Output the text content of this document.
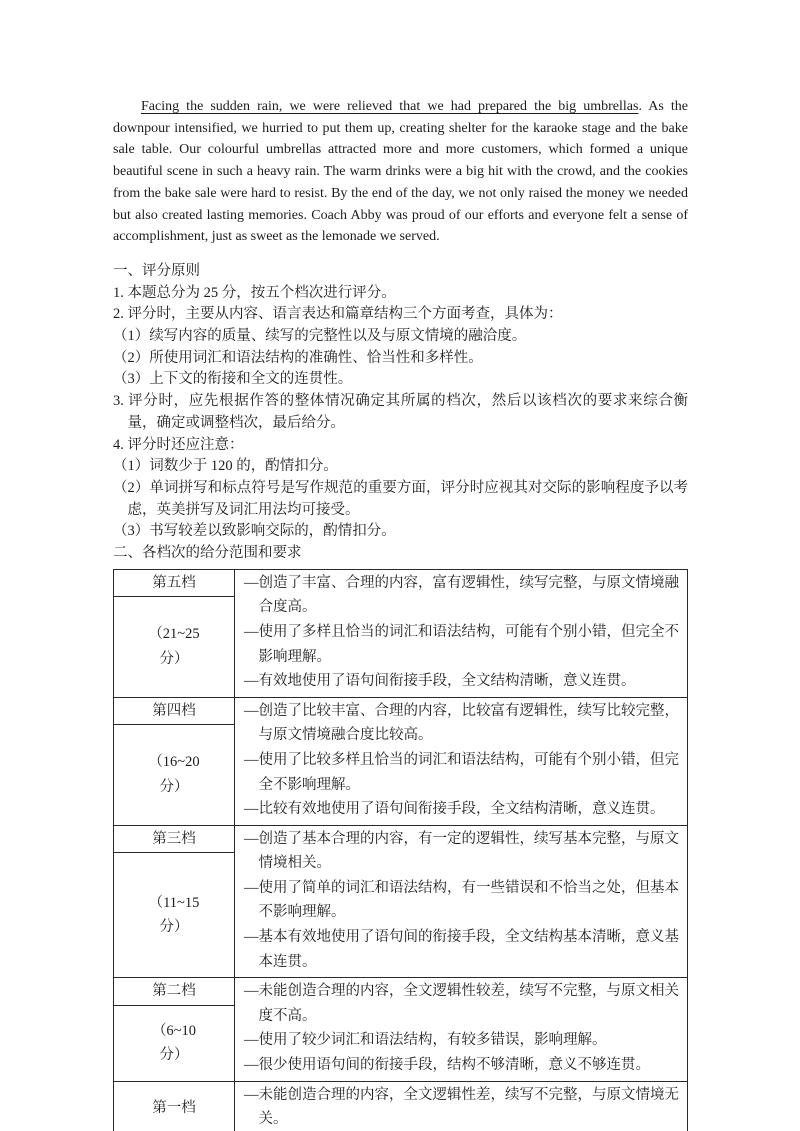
Facing the sudden rain, we were relieved that we had prepared the big umbrellas. As the downpour intensified, we hurried to put them up, creating shelter for the karaoke stage and the bake sale table. Our colourful umbrellas attracted more and more customers, which formed a unique beautiful scene in such a heavy rain. The warm drinks were a big hit with the crowd, and the cookies from the bake sale were hard to resist. By the end of the day, we not only raised the money we needed but also created lasting memories. Coach Abby was proud of our efforts and everyone felt a sense of accomplishment, just as sweet as the lemonade we served.

一、评分原则

1. 本题总分为 25 分，按五个档次进行评分。

2. 评分时，主要从内容、语言表达和篇章结构三个方面考查，具体为：

（1）续写内容的质量、续写的完整性以及与原文情境的融洽度。

（2）所使用词汇和语法结构的准确性、恰当性和多样性。

（3）上下文的衔接和全文的连贯性。

3. 评分时，应先根据作答的整体情况确定其所属的档次，然后以该档次的要求来综合衡量，确定或调整档次，最后给分。

4. 评分时还应注意：

（1）词数少于 120 的，酌情扣分。

（2）单词拼写和标点符号是写作规范的重要方面，评分时应视其对交际的影响程度予以考虑，英美拼写及词汇用法均可接受。

（3）书写较差以致影响交际的，酌情扣分。

二、各档次的给分范围和要求

第五档
（21~25
分）

—创造了丰富、合理的内容，富有逻辑性，续写完整，与原文情境融合度高。

—使用了多样且恰当的词汇和语法结构，可能有个别小错，但完全不影响理解。

—有效地使用了语句间衔接手段，全文结构清晰，意义连贯。

第四档
（16~20
分）

—创造了比较丰富、合理的内容，比较富有逻辑性，续写比较完整，与原文情境融合度比较高。

—使用了比较多样且恰当的词汇和语法结构，可能有个别小错，但完全不影响理解。

—比较有效地使用了语句间衔接手段，全文结构清晰，意义连贯。

第三档
（11~15
分）

—创造了基本合理的内容，有一定的逻辑性，续写基本完整，与原文情境相关。

—使用了简单的词汇和语法结构，有一些错误和不恰当之处，但基本不影响理解。

—基本有效地使用了语句间的衔接手段，全文结构基本清晰，意义基本连贯。

第二档
（6~10
分）

—未能创造合理的内容，全文逻辑性较差，续写不完整，与原文相关度不高。

—使用了较少词汇和语法结构，有较多错误，影响理解。

—很少使用语句间的衔接手段，结构不够清晰，意义不够连贯。

第一档

—未能创造合理的内容，全文逻辑性差，续写不完整，与原文情境无关。
